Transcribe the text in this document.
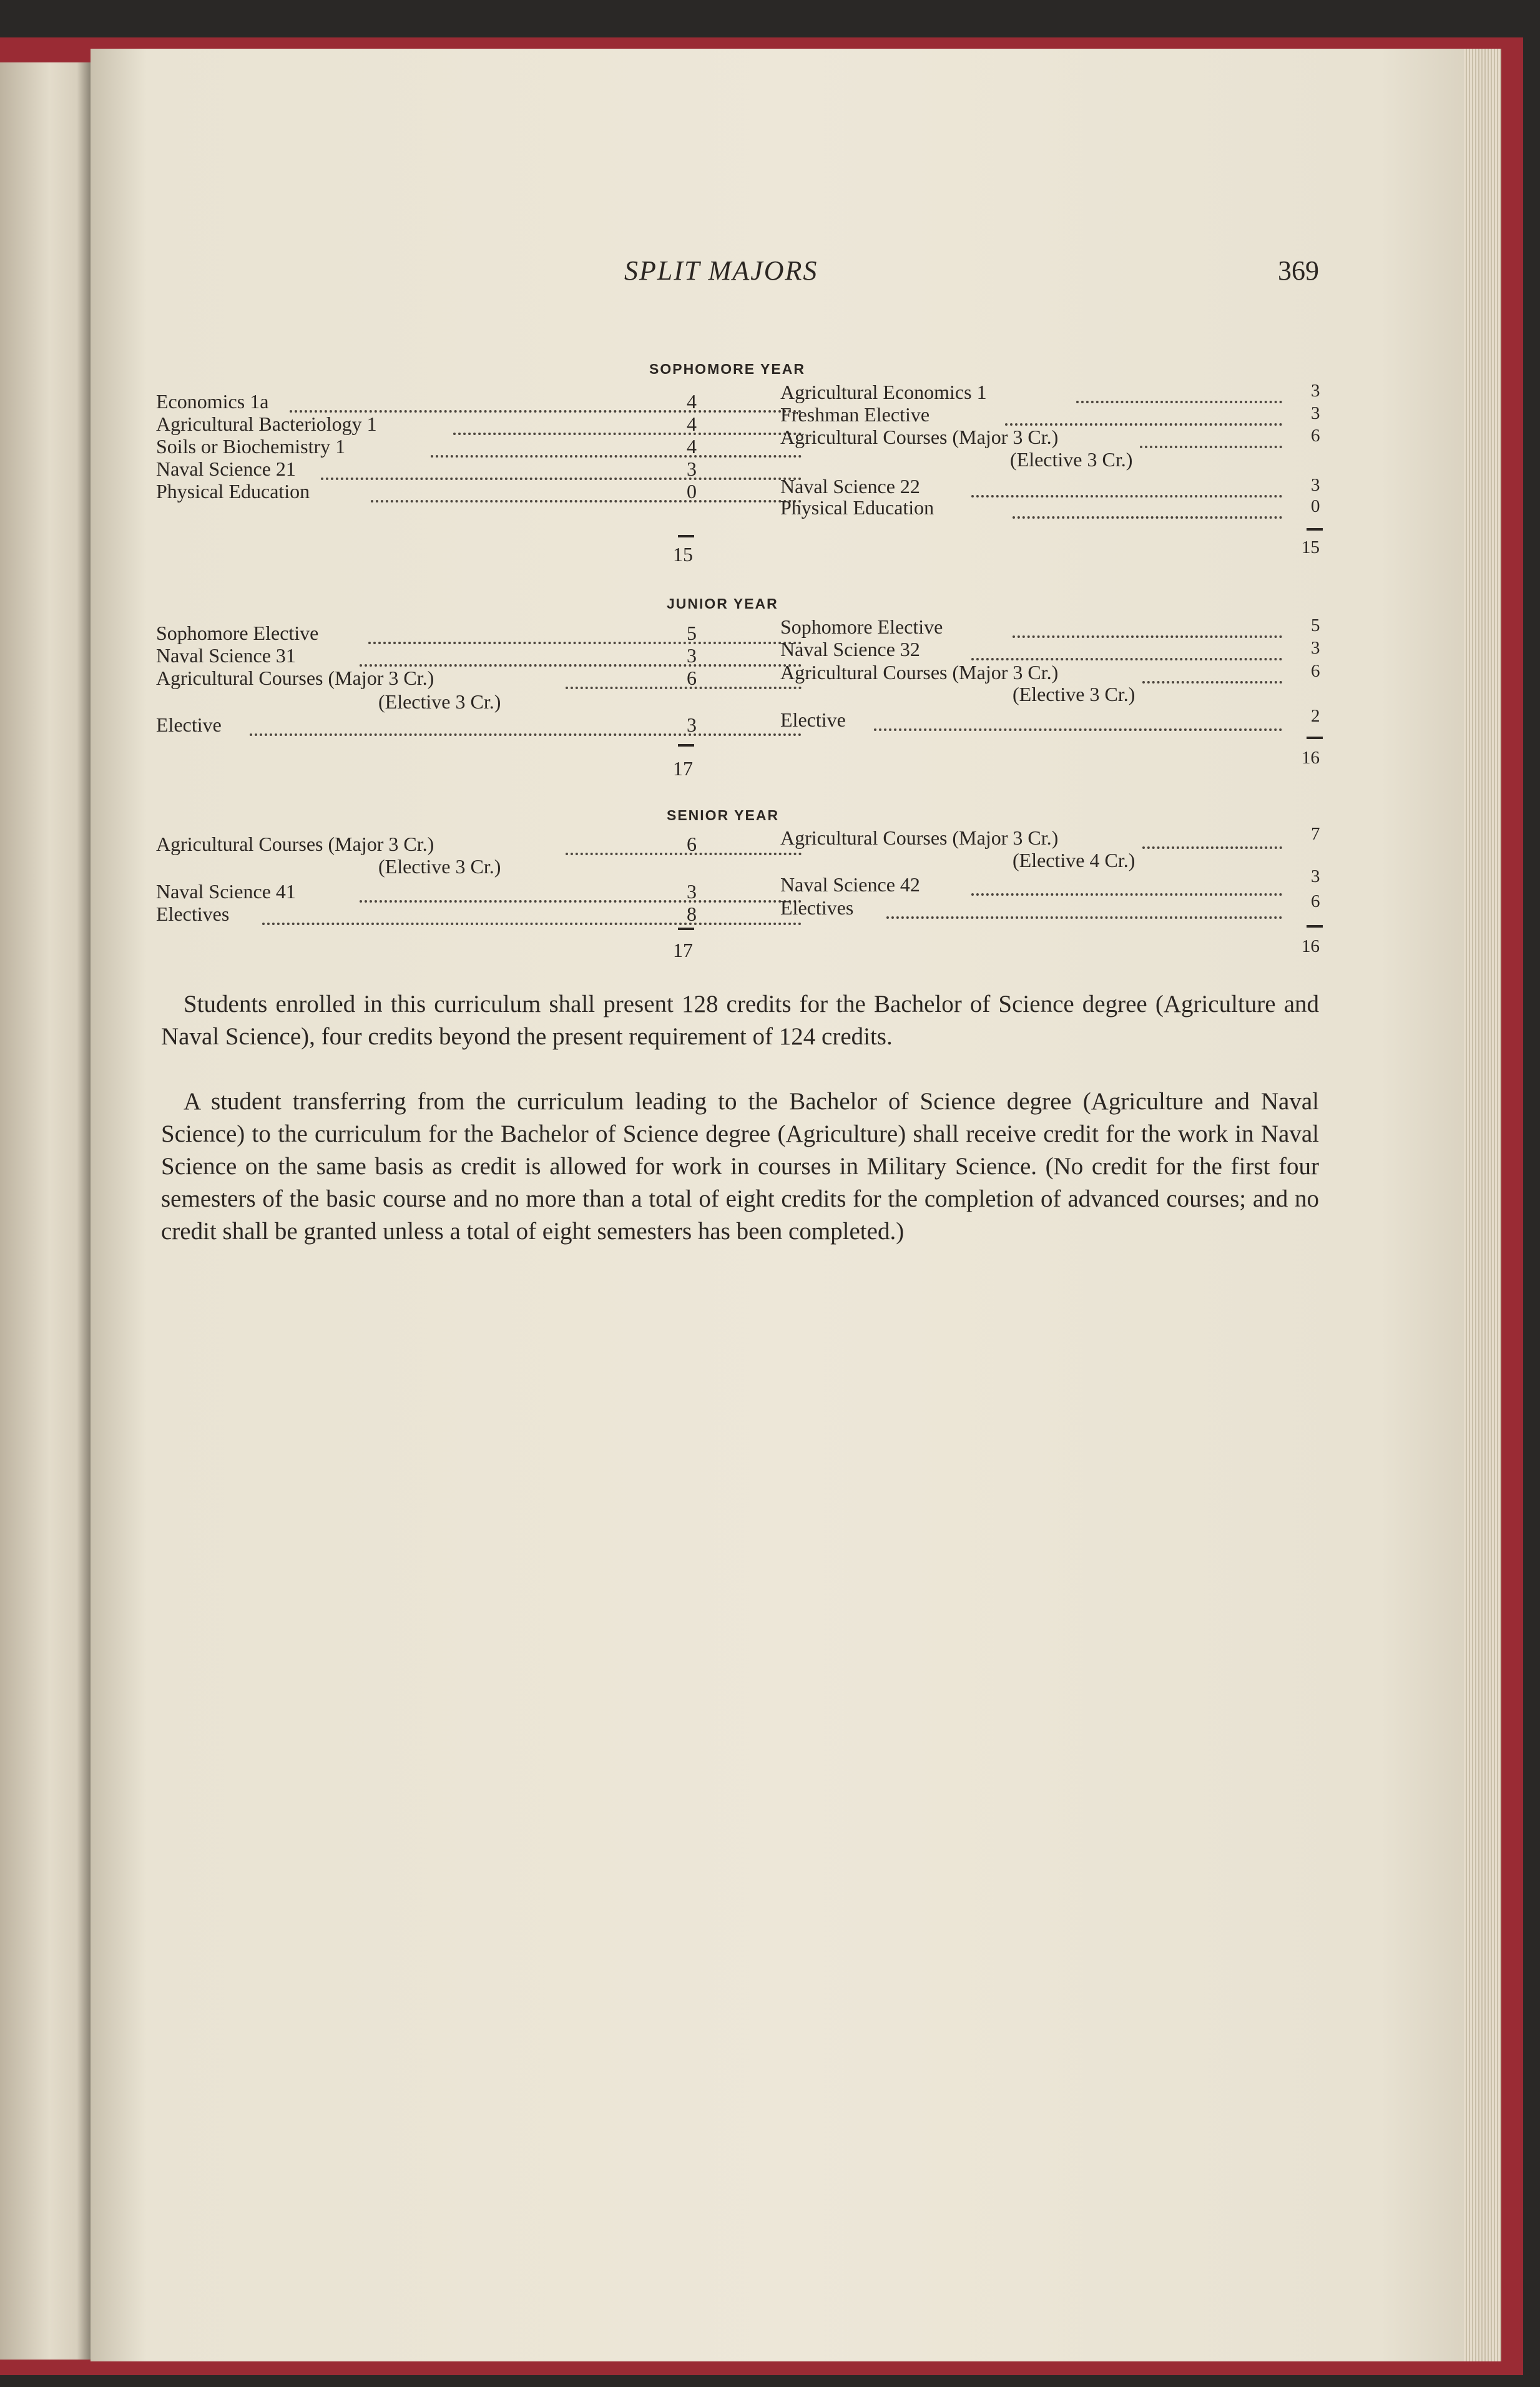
SPLIT MAJORS	369
SOPHOMORE YEAR
Economics 1a	4
Agricultural Bacteriology 1	4
Soils or Biochemistry 1	4
Naval Science 21	3
Physical Education	0
15
Agricultural Economics 1	3
Freshman Elective	3
Agricultural Courses (Major 3 Cr.)	6
(Elective 3 Cr.)
Naval Science 22	3
Physical Education	0
15
JUNIOR YEAR
Sophomore Elective	5
Naval Science 31	3
Agricultural Courses (Major 3 Cr.)	6
(Elective 3 Cr.)
Elective	3
17
Sophomore Elective	5
Naval Science 32	3
Agricultural Courses (Major 3 Cr.)	6
(Elective 3 Cr.)
Elective	2
16
SENIOR YEAR
Agricultural Courses (Major 3 Cr.)	6
(Elective 3 Cr.)
Naval Science 41	3
Electives	8
17
Agricultural Courses (Major 3 Cr.)	7
(Elective 4 Cr.)
Naval Science 42	3
Electives	6
16
Students enrolled in this curriculum shall present 128 credits for the Bachelor of Science degree (Agriculture and Naval Science), four credits beyond the present requirement of 124 credits.
A student transferring from the curriculum leading to the Bachelor of Science degree (Agriculture and Naval Science) to the curriculum for the Bachelor of Science degree (Agriculture) shall receive credit for the work in Naval Science on the same basis as credit is allowed for work in courses in Military Science. (No credit for the first four semesters of the basic course and no more than a total of eight credits for the completion of advanced courses; and no credit shall be granted unless a total of eight semesters has been completed.)
